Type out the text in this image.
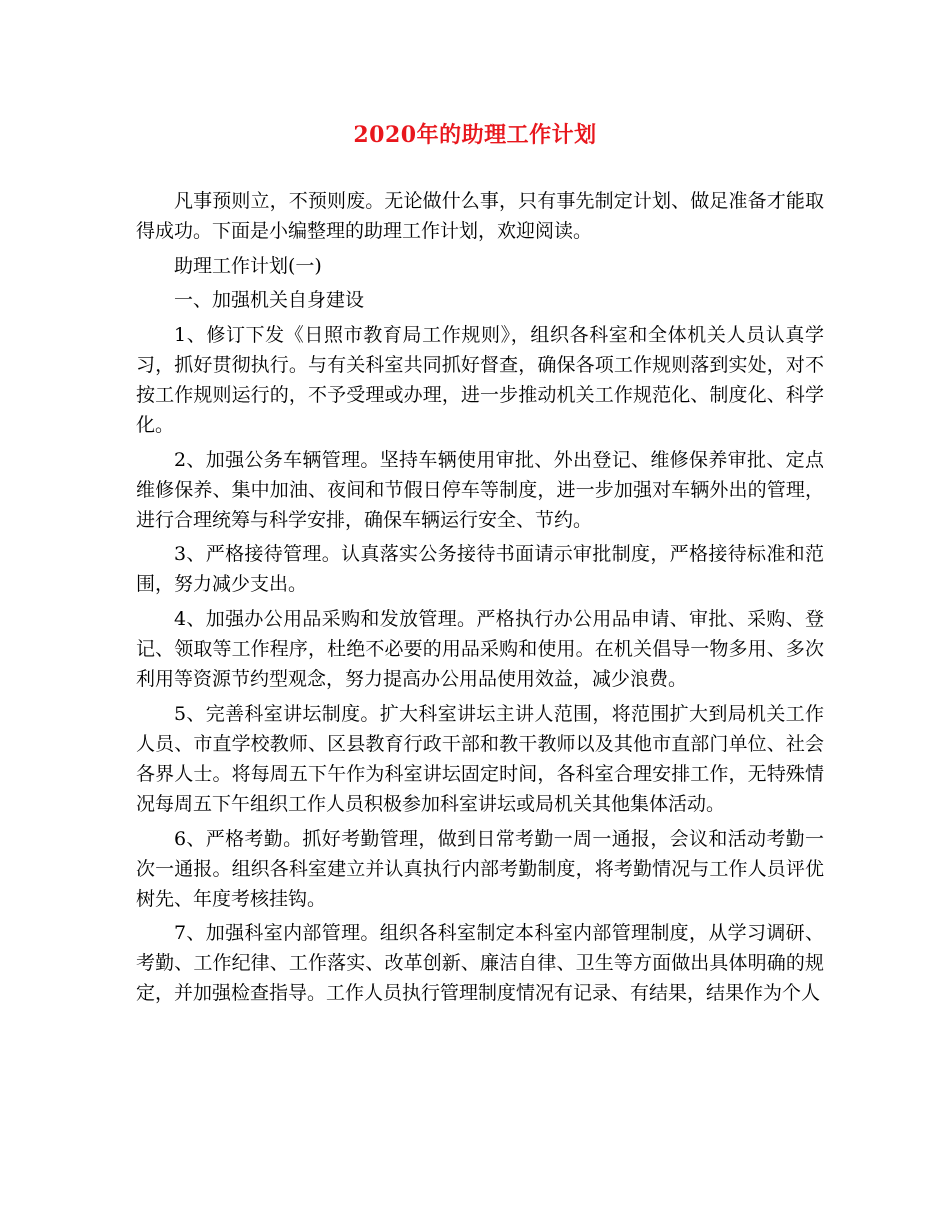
2020年的助理工作计划

凡事预则立，不预则废。无论做什么事，只有事先制定计划、做足准备才能取得成功。下面是小编整理的助理工作计划，欢迎阅读。

助理工作计划(一)

一、加强机关自身建设

1、修订下发《日照市教育局工作规则》，组织各科室和全体机关人员认真学习，抓好贯彻执行。与有关科室共同抓好督查，确保各项工作规则落到实处，对不按工作规则运行的，不予受理或办理，进一步推动机关工作规范化、制度化、科学化。

2、加强公务车辆管理。坚持车辆使用审批、外出登记、维修保养审批、定点维修保养、集中加油、夜间和节假日停车等制度，进一步加强对车辆外出的管理，进行合理统筹与科学安排，确保车辆运行安全、节约。

3、严格接待管理。认真落实公务接待书面请示审批制度，严格接待标准和范围，努力减少支出。

4、加强办公用品采购和发放管理。严格执行办公用品申请、审批、采购、登记、领取等工作程序，杜绝不必要的用品采购和使用。在机关倡导一物多用、多次利用等资源节约型观念，努力提高办公用品使用效益，减少浪费。

5、完善科室讲坛制度。扩大科室讲坛主讲人范围，将范围扩大到局机关工作人员、市直学校教师、区县教育行政干部和教干教师以及其他市直部门单位、社会各界人士。将每周五下午作为科室讲坛固定时间，各科室合理安排工作，无特殊情况每周五下午组织工作人员积极参加科室讲坛或局机关其他集体活动。

6、严格考勤。抓好考勤管理，做到日常考勤一周一通报，会议和活动考勤一次一通报。组织各科室建立并认真执行内部考勤制度，将考勤情况与工作人员评优树先、年度考核挂钩。

7、加强科室内部管理。组织各科室制定本科室内部管理制度，从学习调研、考勤、工作纪律、工作落实、改革创新、廉洁自律、卫生等方面做出具体明确的规定，并加强检查指导。工作人员执行管理制度情况有记录、有结果，结果作为个人
